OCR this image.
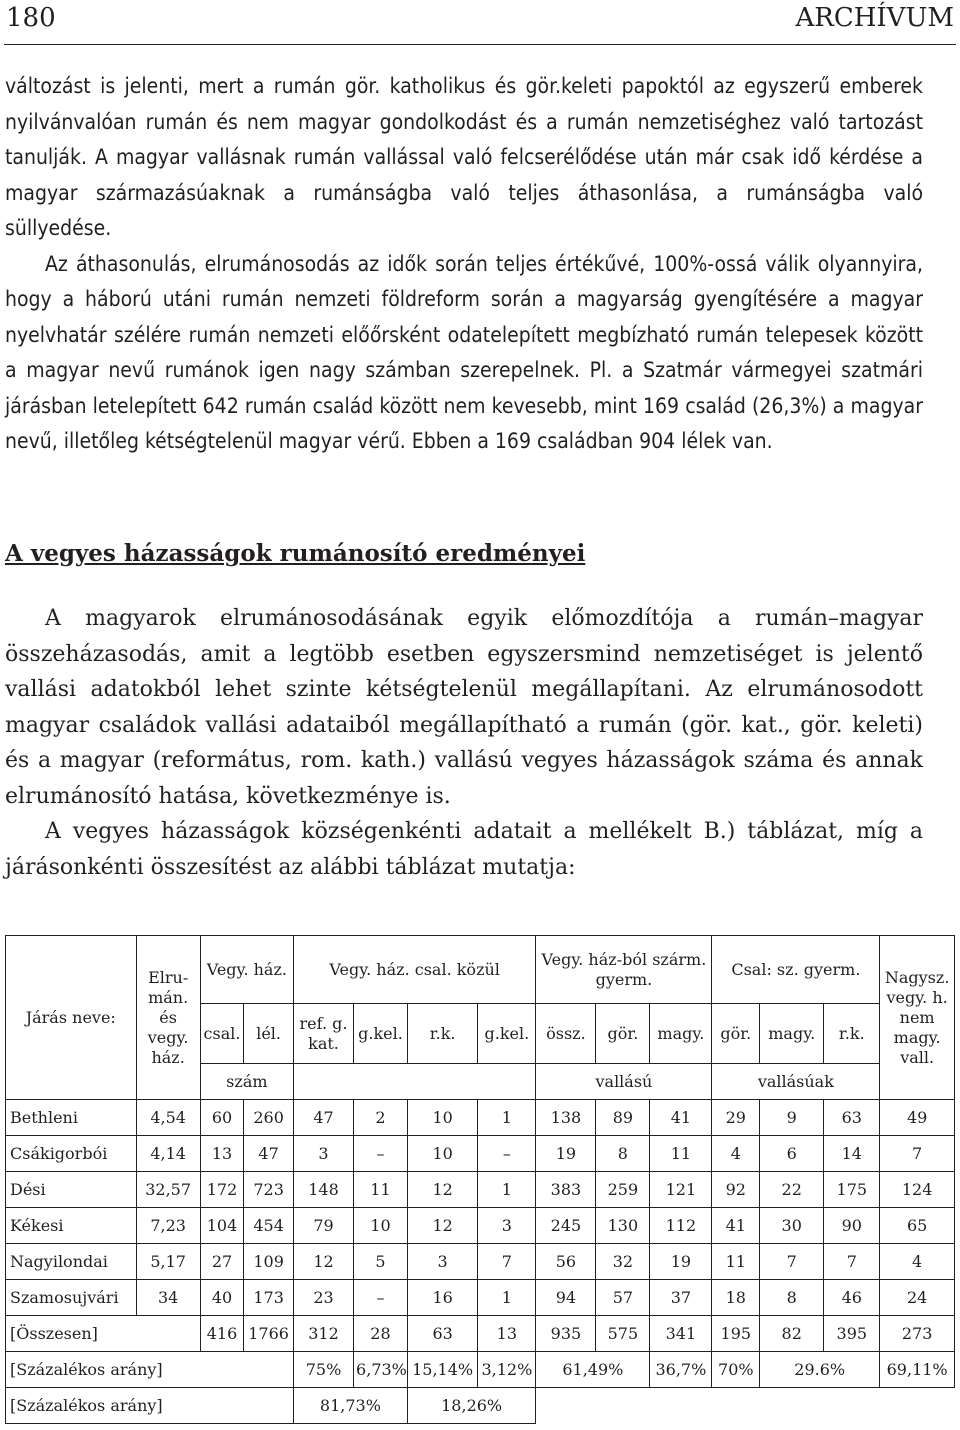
180	ARCHÍVUM

változást is jelenti, mert a rumán gör. katholikus és gör.keleti papoktól az egyszerű emberek nyilvánvalóan rumán és nem magyar gondolkodást és a rumán nemzetiséghez való tartozást tanulják. A magyar vallásnak rumán vallással való felcserélődése után már csak idő kérdése a magyar származásúaknak a rumánságba való teljes áthasonlása, a rumánságba való süllyedése.

Az áthasonulás, elrumánosodás az idők során teljes értékűvé, 100%-ossá válik olyannyira, hogy a háború utáni rumán nemzeti földreform során a magyarság gyengítésére a magyar nyelvhatár szélére rumán nemzeti előőrsként odatelepített megbízható rumán telepesek között a magyar nevű rumánok igen nagy számban szerepelnek. Pl. a Szatmár vármegyei szatmári járásban letelepített 642 rumán család között nem kevesebb, mint 169 család (26,3%) a magyar nevű, illetőleg kétségtelenül magyar vérű. Ebben a 169 családban 904 lélek van.

A vegyes házasságok rumánosító eredményei

A magyarok elrumánosodásának egyik előmozdítója a rumán–magyar összeházasodás, amit a legtöbb esetben egyszersmind nemzetiséget is jelentő vallási adatokból lehet szinte kétségtelenül megállapítani. Az elrumánosodott magyar családok vallási adataiból megállapítható a rumán (gör. kat., gör. keleti) és a magyar (református, rom. kath.) vallású vegyes házasságok száma és annak elrumánosító hatása, következménye is.

A vegyes házasságok községenkénti adatait a mellékelt B.) táblázat, míg a járásonkénti összesítést az alábbi táblázat mutatja:

Járás neve:	Elru- mán. és vegy. ház.	Vegy. ház.		Vegy. ház. csal. közül				Vegy. ház-ból szárm. gyerm.			Csal: sz. gyerm.			Nagysz. vegy. h. nem magy. vall.
		csal.	lél.	ref. g. kat.	g.kel.	r.k.	g.kel.	össz.	gör.	magy.	gör.	magy.	r.k.	
		szám						vallású			vallásúak			
Bethleni	4,54	60	260	47	2	10	1	138	89	41	29	9	63	49
Csákigorbói	4,14	13	47	3	–	10	–	19	8	11	4	6	14	7
Dési	32,57	172	723	148	11	12	1	383	259	121	92	22	175	124
Kékesi	7,23	104	454	79	10	12	3	245	130	112	41	30	90	65
Nagyilondai	5,17	27	109	12	5	3	7	56	32	19	11	7	7	4
Szamosujvári	34	40	173	23	–	16	1	94	57	37	18	8	46	24
[Összesen]		416	1766	312	28	63	13	935	575	341	195	82	395	273
[Százalékos arány]				75%	6,73%	15,14%	3,12%	61,49%		36,7%	70%	29.6%		69,11%
[Százalékos arány]				81,73%		18,26%								
